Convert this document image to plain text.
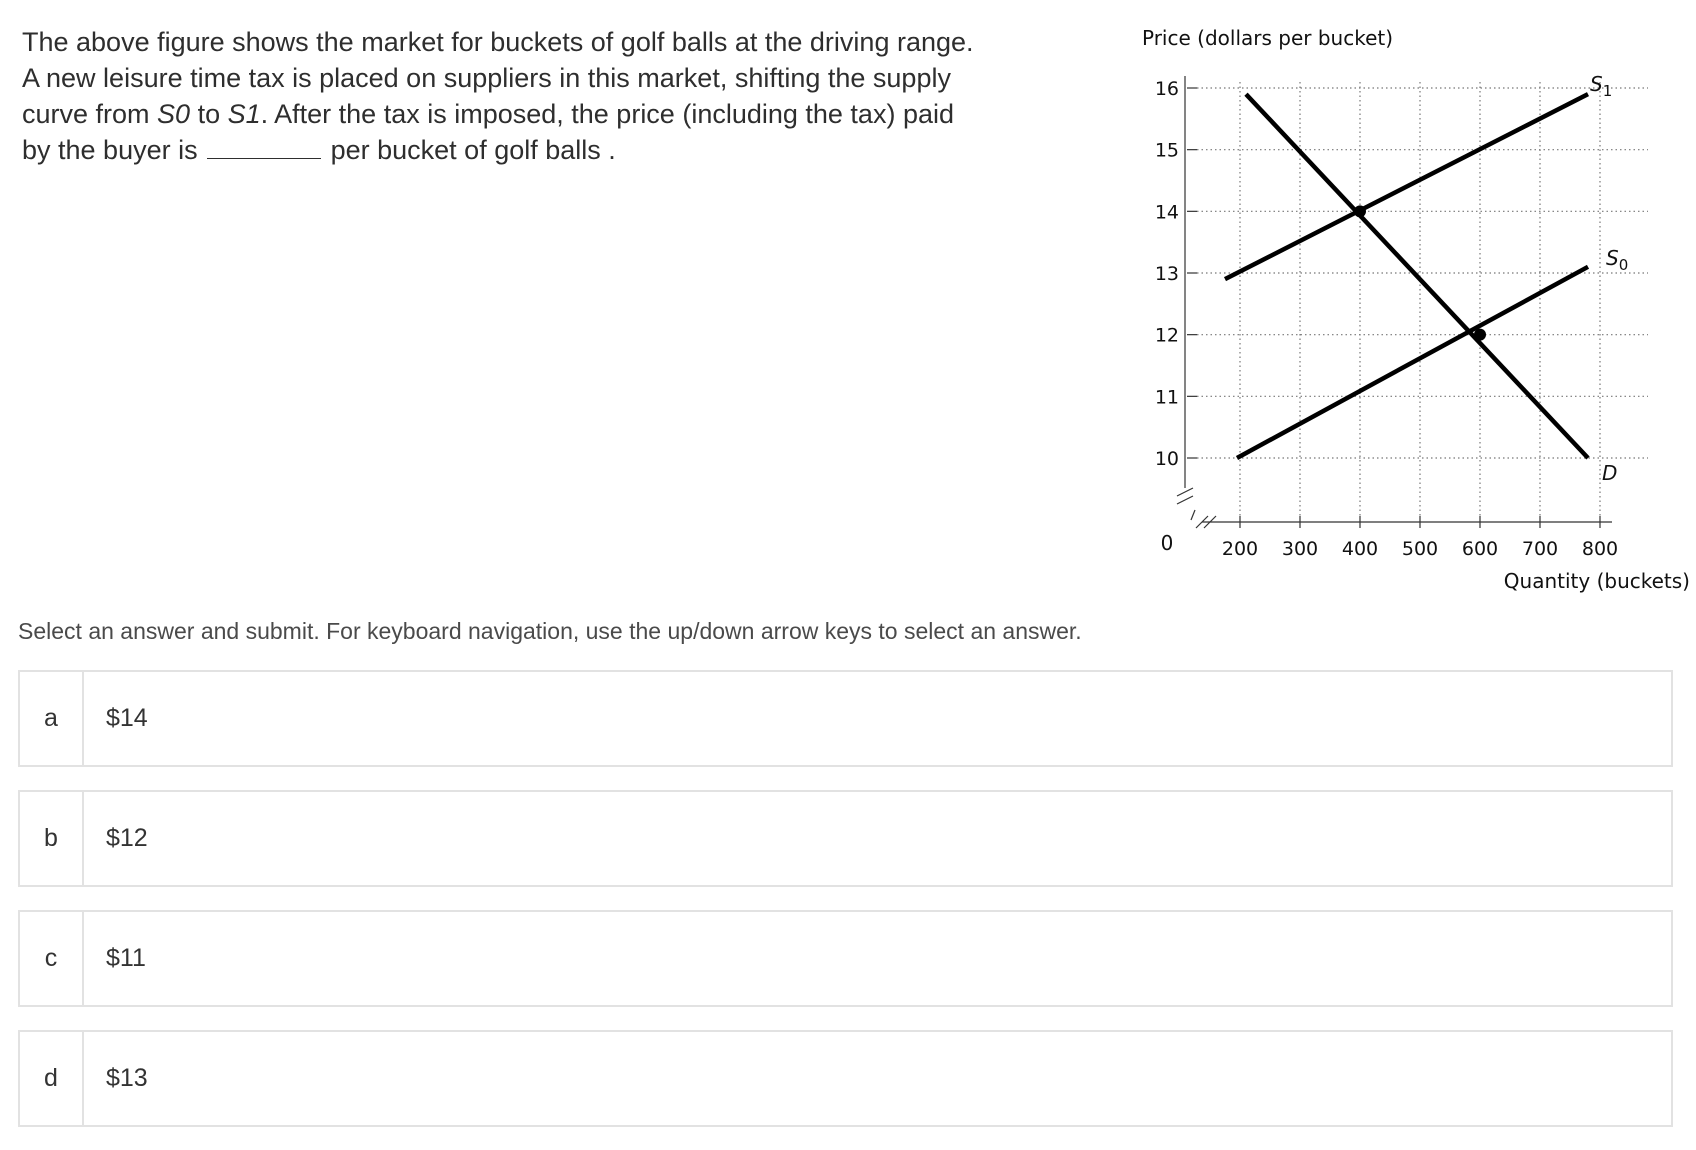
The above figure shows the market for buckets of golf balls at the driving range. A new leisure time tax is placed on suppliers in this market, shifting the supply curve from S0 to S1. After the tax is imposed, the price (including the tax) paid by the buyer is	per bucket of golf balls .
10
11
12
13
14
15
16
200 300 400 500 600 700 800
$S_1$
$S_0$
D
Price (dollars per bucket)
Quantity (buckets)
0
Select an answer and submit. For keyboard navigation, use the up/down arrow keys to select an answer.
a	$14
b	$12
c	$11
d	$13
